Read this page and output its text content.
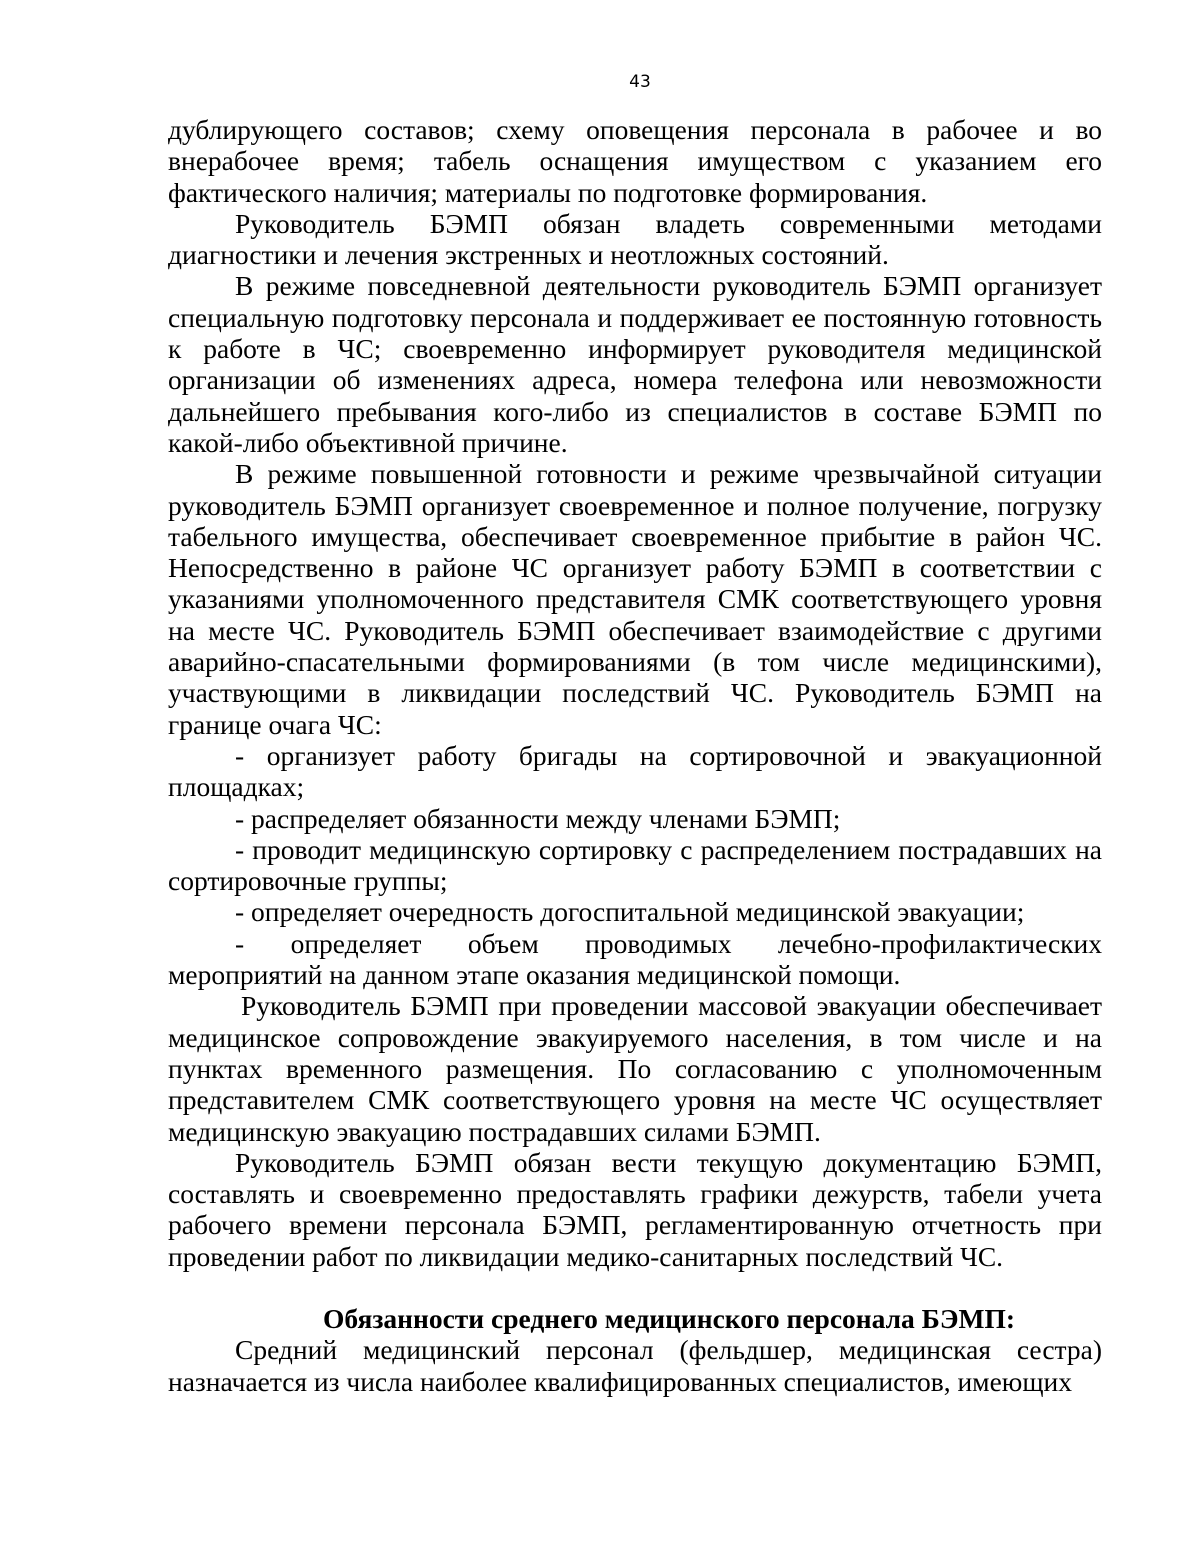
43

дублирующего составов; схему оповещения персонала в рабочее и во внерабочее время; табель оснащения имуществом с указанием его фактического наличия; материалы по подготовке формирования.

Руководитель БЭМП обязан владеть современными методами диагностики и лечения экстренных и неотложных состояний.

В режиме повседневной деятельности руководитель БЭМП организует специальную подготовку персонала и поддерживает ее постоянную готовность к работе в ЧС; своевременно информирует руководителя медицинской организации об изменениях адреса, номера телефона или невозможности дальнейшего пребывания кого-либо из специалистов в составе БЭМП по какой-либо объективной причине.

В режиме повышенной готовности и режиме чрезвычайной ситуации руководитель БЭМП организует своевременное и полное получение, погрузку табельного имущества, обеспечивает своевременное прибытие в район ЧС. Непосредственно в районе ЧС организует работу БЭМП в соответствии с указаниями уполномоченного представителя СМК соответствующего уровня на месте ЧС. Руководитель БЭМП обеспечивает взаимодействие с другими аварийно-спасательными формированиями (в том числе медицинскими), участвующими в ликвидации последствий ЧС. Руководитель БЭМП на границе очага ЧС:

- организует работу бригады на сортировочной и эвакуационной площадках;

- распределяет обязанности между членами БЭМП;

- проводит медицинскую сортировку с распределением пострадавших на сортировочные группы;

- определяет очередность догоспитальной медицинской эвакуации;

- определяет объем проводимых лечебно-профилактических мероприятий на данном этапе оказания медицинской помощи.

Руководитель БЭМП при проведении массовой эвакуации обеспечивает медицинское сопровождение эвакуируемого населения, в том числе и на пунктах временного размещения. По согласованию с уполномоченным представителем СМК соответствующего уровня на месте ЧС осуществляет медицинскую эвакуацию пострадавших силами БЭМП.

Руководитель БЭМП обязан вести текущую документацию БЭМП, составлять и своевременно предоставлять графики дежурств, табели учета рабочего времени персонала БЭМП, регламентированную отчетность при проведении работ по ликвидации медико-санитарных последствий ЧС.

Обязанности среднего медицинского персонала БЭМП:

Средний медицинский персонал (фельдшер, медицинская сестра) назначается из числа наиболее квалифицированных специалистов, имеющих
